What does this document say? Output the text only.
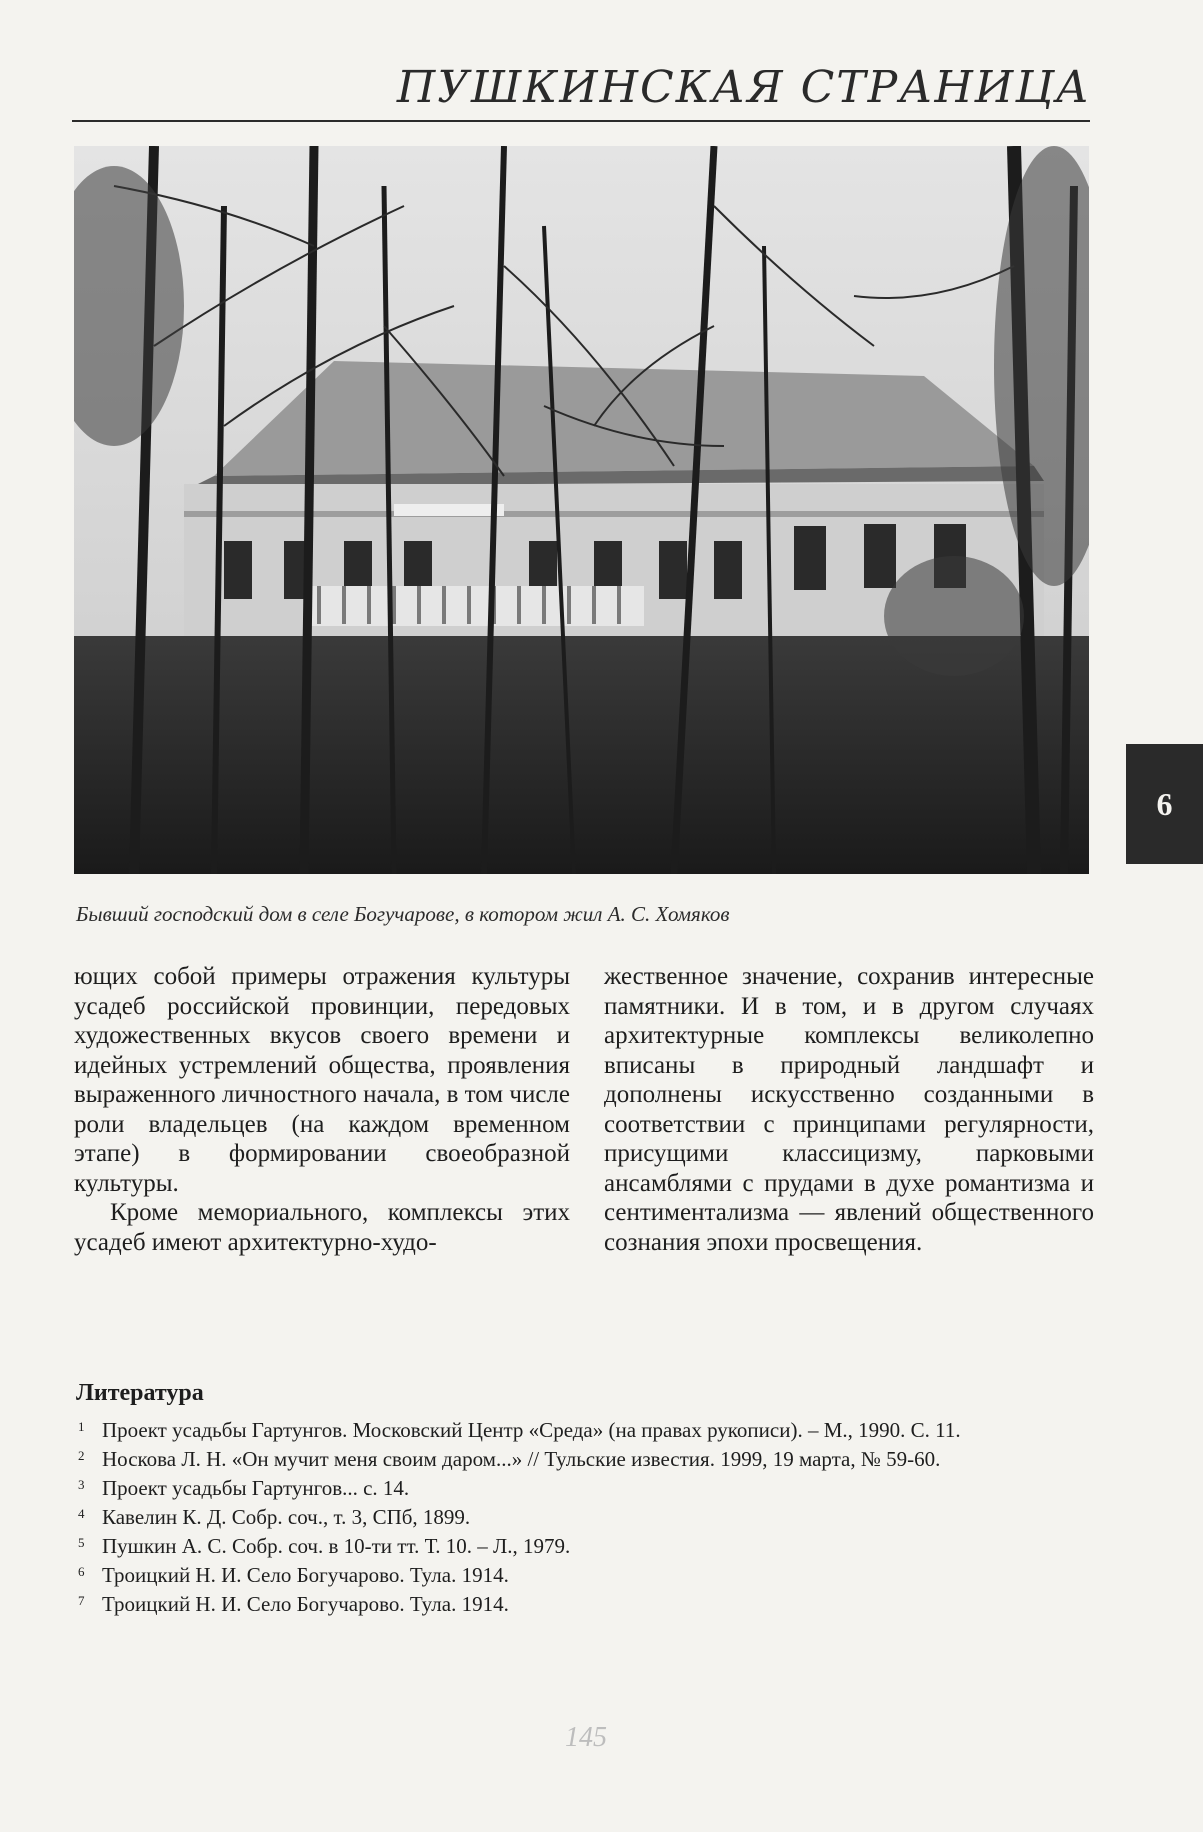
ПУШКИНСКАЯ СТРАНИЦА
Бывший господский дом в селе Богучарове, в котором жил А. С. Хомяков

ющих собой примеры отражения культуры усадеб российской провинции, передовых художественных вкусов своего времени и идейных устремлений общества, проявления выраженного личностного начала, в том числе роли владельцев (на каждом временном этапе) в формировании своеобразной культуры.

Кроме мемориального, комплексы этих усадеб имеют архитектурно-худо-

жественное значение, сохранив интересные памятники. И в том, и в другом случаях архитектурные комплексы великолепно вписаны в природный ландшафт и дополнены искусственно созданными в соответствии с принципами регулярности, присущими классицизму, парковыми ансамблями с прудами в духе романтизма и сентиментализма — явлений общественного сознания эпохи просвещения.

Литература
1 Проект усадьбы Гартунгов. Московский Центр «Среда» (на правах рукописи). – М., 1990. С. 11.
2 Носкова Л. Н. «Он мучит меня своим даром...» // Тульские известия. 1999, 19 марта, № 59-60.
3 Проект усадьбы Гартунгов... с. 14.
4 Кавелин К. Д. Собр. соч., т. 3, СПб, 1899.
5 Пушкин А. С. Собр. соч. в 10-ти тт. Т. 10. – Л., 1979.
6 Троицкий Н. И. Село Богучарово. Тула. 1914.
7 Троицкий Н. И. Село Богучарово. Тула. 1914.
6
145
